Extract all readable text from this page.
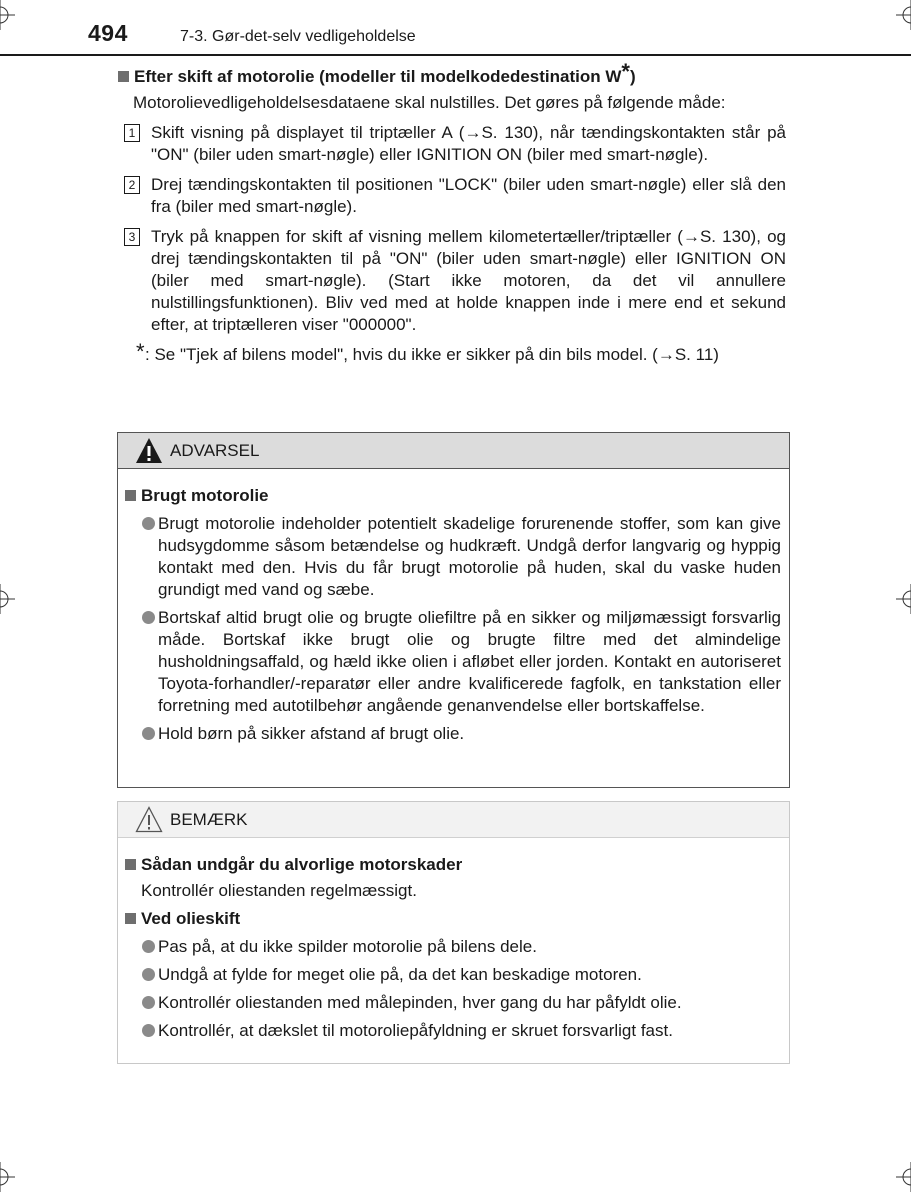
494	7-3. Gør-det-selv vedligeholdelse
Efter skift af motorolie (modeller til modelkodedestination W*)
Motorolievedligeholdelsesdataene skal nulstilles. Det gøres på følgende måde:
1 Skift visning på displayet til triptæller A (→S. 130), når tændingskontakten står på "ON" (biler uden smart-nøgle) eller IGNITION ON (biler med smart-nøgle).
2 Drej tændingskontakten til positionen "LOCK" (biler uden smart-nøgle) eller slå den fra (biler med smart-nøgle).
3 Tryk på knappen for skift af visning mellem kilometertæller/triptæller (→S. 130), og drej tændingskontakten til på "ON" (biler uden smart-nøgle) eller IGNITION ON (biler med smart-nøgle). (Start ikke motoren, da det vil annullere nulstillingsfunktionen). Bliv ved med at holde knappen inde i mere end et sekund efter, at triptælleren viser "000000".
* : Se "Tjek af bilens model", hvis du ikke er sikker på din bils model. (→S. 11)
ADVARSEL
Brugt motorolie
Brugt motorolie indeholder potentielt skadelige forurenende stoffer, som kan give hudsygdomme såsom betændelse og hudkræft. Undgå derfor langvarig og hyppig kontakt med den. Hvis du får brugt motorolie på huden, skal du vaske huden grundigt med vand og sæbe.
Bortskaf altid brugt olie og brugte oliefiltre på en sikker og miljømæssigt forsvarlig måde. Bortskaf ikke brugt olie og brugte filtre med det almindelige husholdningsaffald, og hæld ikke olien i afløbet eller jorden. Kontakt en autoriseret Toyota-forhandler/-reparatør eller andre kvalificerede fagfolk, en tankstation eller forretning med autotilbehør angående genanvendelse eller bortskaffelse.
Hold børn på sikker afstand af brugt olie.
BEMÆRK
Sådan undgår du alvorlige motorskader
Kontrollér oliestanden regelmæssigt.
Ved olieskift
Pas på, at du ikke spilder motorolie på bilens dele.
Undgå at fylde for meget olie på, da det kan beskadige motoren.
Kontrollér oliestanden med målepinden, hver gang du har påfyldt olie.
Kontrollér, at dækslet til motoroliepåfyldning er skruet forsvarligt fast.
